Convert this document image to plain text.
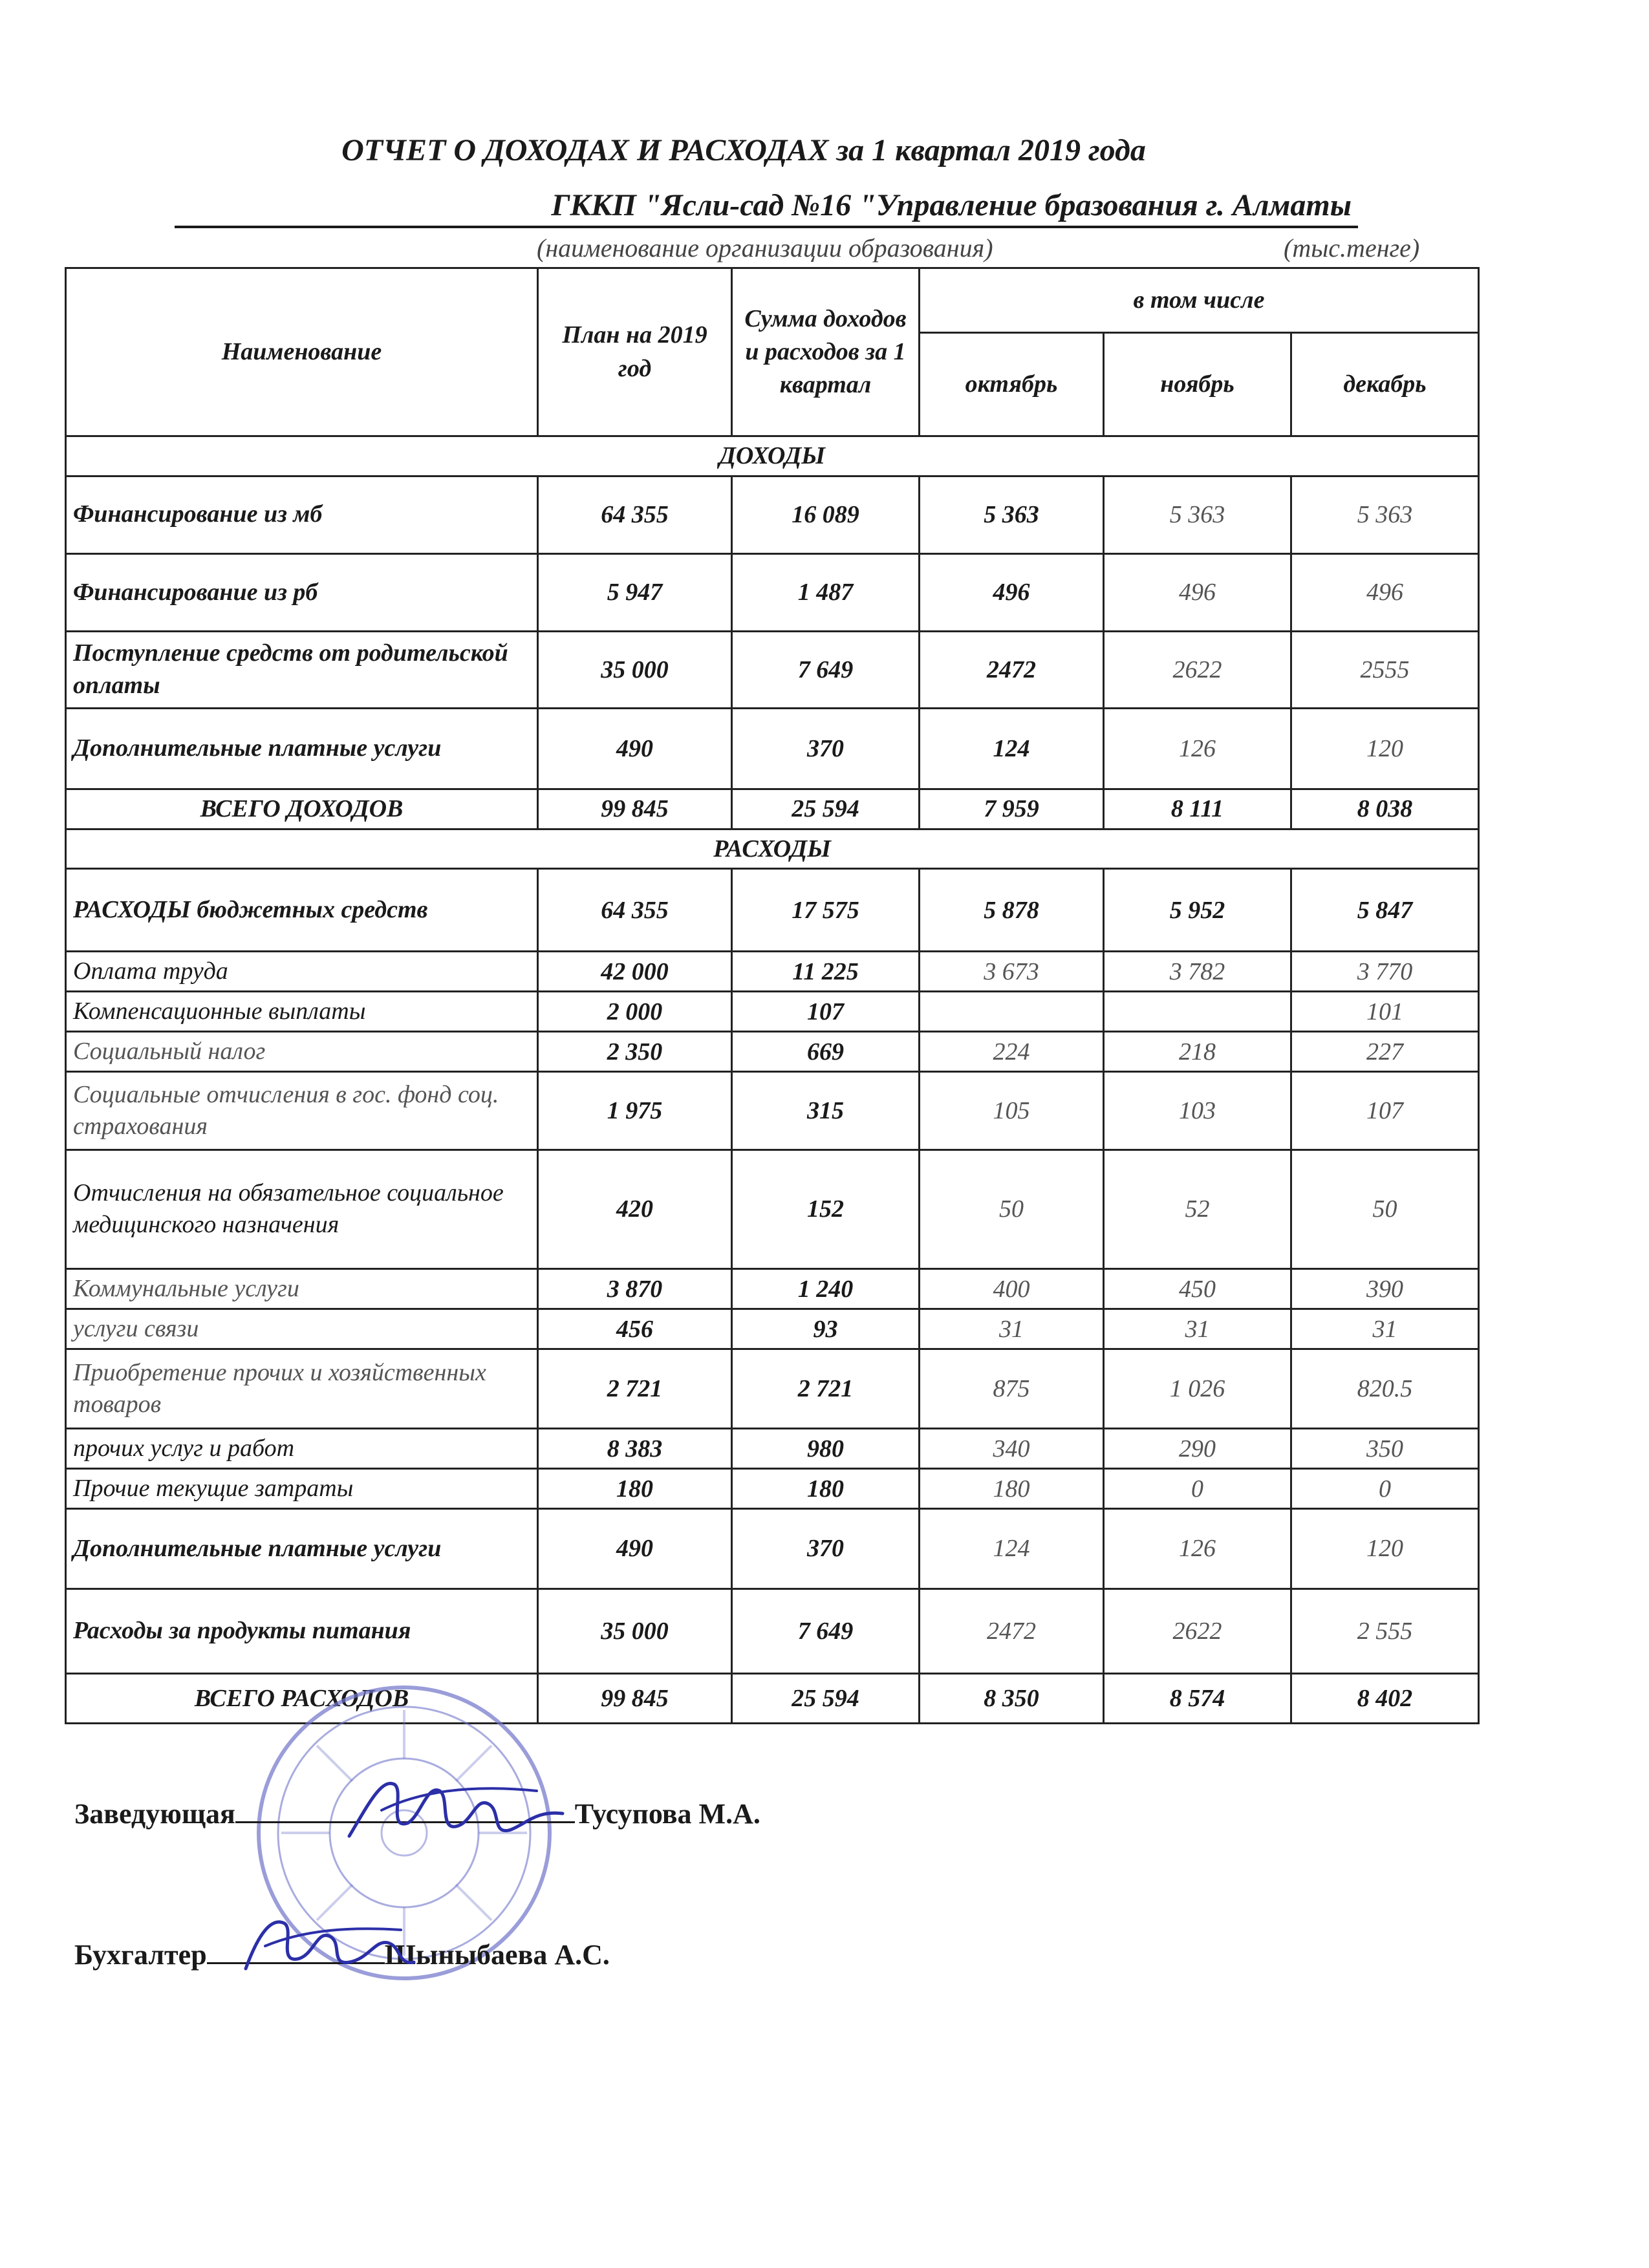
ОТЧЕТ О ДОХОДАХ И РАСХОДАХ за 1 квартал 2019 года
ГККП "Ясли-сад №16 "Управление бразования г. Алматы
(наименование организации образования)	(тыс.тенге)
Наименование	План на 2019 год	Сумма доходов и расходов за 1 квартал	в том числе		
			октябрь	ноябрь	декабрь
ДОХОДЫ					
Финансирование из мб	64 355	16 089	5 363	5 363	5 363
Финансирование из рб	5 947	1 487	496	496	496
Поступление средств от родительской оплаты	35 000	7 649	2472	2622	2555
Дополнительные платные услуги	490	370	124	126	120
ВСЕГО ДОХОДОВ	99 845	25 594	7 959	8 111	8 038
РАСХОДЫ					
РАСХОДЫ бюджетных средств	64 355	17 575	5 878	5 952	5 847
Оплата труда	42 000	11 225	3 673	3 782	3 770
Компенсационные выплаты	2 000	107			101
Социальный налог	2 350	669	224	218	227
Социальные отчисления в гос. фонд соц. страхования	1 975	315	105	103	107
Отчисления на обязательное социальное медицинского назначения	420	152	50	52	50
Коммунальные услуги	3 870	1 240	400	450	390
услуги связи	456	93	31	31	31
Приобретение прочих и хозяйственных товаров	2 721	2 721	875	1 026	820.5
прочих услуг и работ	8 383	980	340	290	350
Прочие текущие затраты	180	180	180	0	0
Дополнительные платные услуги	490	370	124	126	120
Расходы за продукты питания	35 000	7 649	2472	2622	2 555
ВСЕГО РАСХОДОВ	99 845	25 594	8 350	8 574	8 402
Заведующая	Тусупова М.А.
Бухгалтер	Шыныбаева А.С.
